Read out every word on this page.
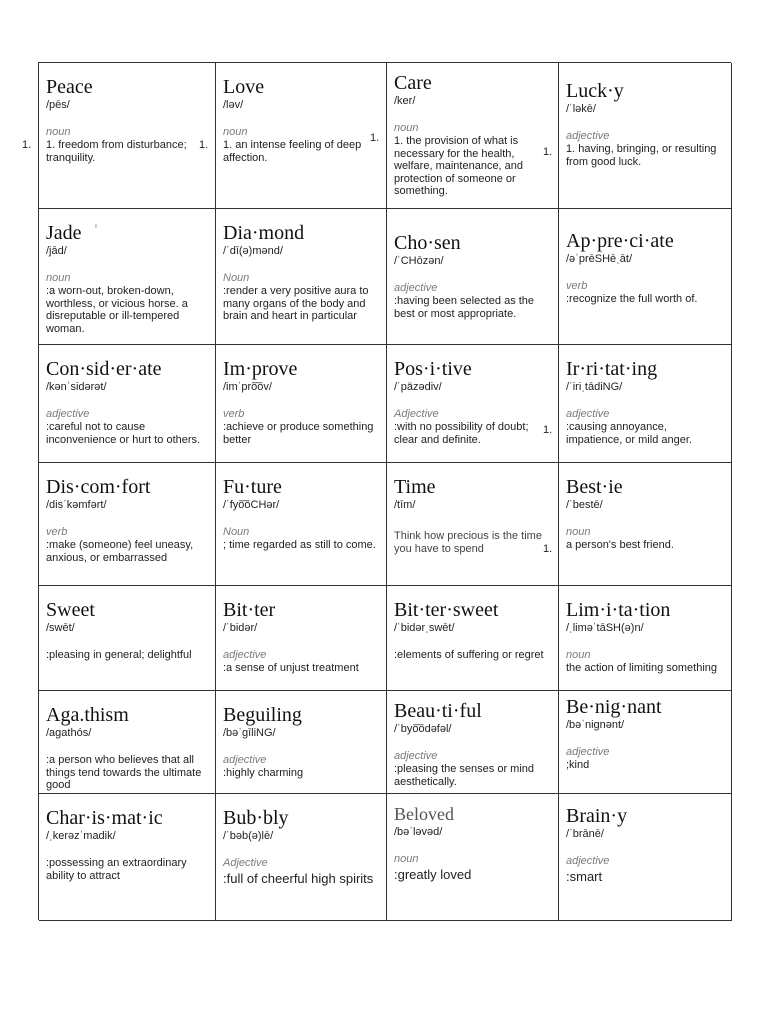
Peace
/pēs/
noun
1. freedom from disturbance; tranquility.
Love
/ləv/
noun
1. an intense feeling of deep affection.
Care
/ker/
noun
1. the provision of what is necessary for the health, welfare, maintenance, and protection of someone or something.
Luck·y
/ˈləkē/
adjective
1. having, bringing, or resulting from good luck.
Jade	ı
/jād/
noun
:a worn-out, broken-down, worthless, or vicious horse. a disreputable or ill-tempered woman.
Dia·mond
/ˈdī(ə)mənd/
Noun
:render a very positive aura to many organs of the body and brain and heart in particular
Cho·sen
/ˈCHōzən/
adjective
:having been selected as the best or most appropriate.
Ap·pre·ci·ate
/əˈprēSHēˌāt/
verb
:recognize the full worth of.
Con·sid·er·ate
/kənˈsidərət/
adjective
:careful not to cause inconvenience or hurt to others.
Im·prove
/imˈpro͞ov/
verb
:achieve or produce something better
Pos·i·tive
/ˈpäzədiv/
Adjective
:with no possibility of doubt; clear and definite.
Ir·ri·tat·ing
/ˈiriˌtādiNG/
adjective
:causing annoyance, impatience, or mild anger.
Dis·com·fort
/disˈkəmfərt/
verb
:make (someone) feel uneasy, anxious, or embarrassed
Fu·ture
/ˈfyo͞oCHər/
Noun
; time regarded as still to come.
Time
/tīm/
Think how precious is the time you have to spend
Best·ie
/ˈbestē/
noun
a person's best friend.
Sweet
/swēt/
:pleasing in general; delightful
Bit·ter
/ˈbidər/
adjective
:a sense of unjust treatment
Bit·ter·sweet
/ˈbidərˌswēt/
:elements of suffering or regret
Lim·i·ta·tion
/ˌliməˈtāSH(ə)n/
noun
the action of limiting something
Aga.thism
/agathós/
:a person who believes that all things tend towards the ultimate good
Beguiling
/bəˈgīliNG/
adjective
:highly charming
Beau·ti·ful
/ˈbyo͞odəfəl/
adjective
:pleasing the senses or mind aesthetically.
Be·nig·nant
/bəˈnignənt/
adjective
;kind
Char·is·mat·ic
/ˌkerəzˈmadik/
:possessing an extraordinary ability to attract
Bub·bly
/ˈbəb(ə)lē/
Adjective
:full of cheerful high spirits
Beloved
/bəˈləvəd/
noun
:greatly loved
Brain·y
/ˈbrānē/
adjective
:smart
1.	1.
1.
1.
1.
1.
